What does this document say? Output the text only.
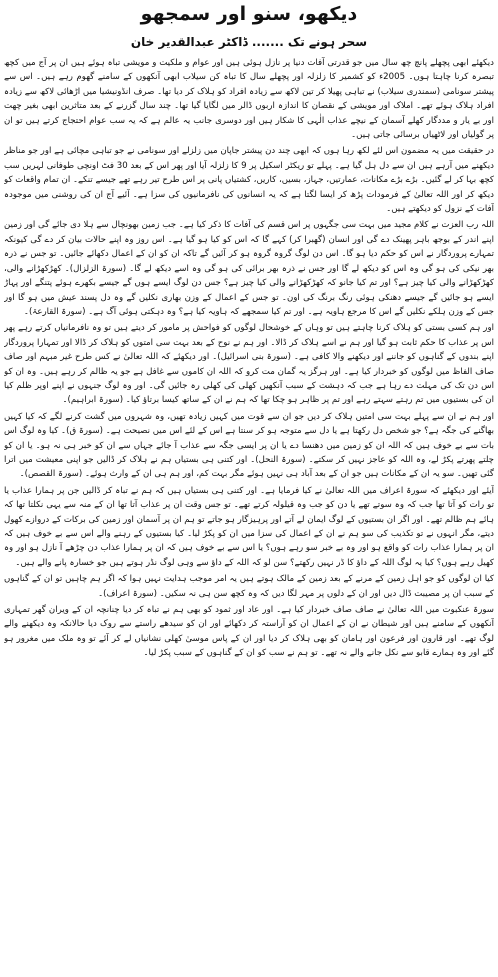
دیکھو، سنو اور سمجھو
سحر ہونے تک ....... ڈاکٹر عبدالقدیر خان

دیکھئے ابھی پچھلے پانچ چھ سال میں جو قدرتی آفات دنیا پر نازل ہوئی ہیں اور عوام و ملکیت و مویشی تباہ ہوئے ہیں ان پر آج میں کچھ تبصرہ کرنا چاہتا ہوں۔ 2005ء کو کشمیر کا زلزلہ اور پچھلے سال کا تباہ کن سیلاب ابھی آنکھوں کے سامنے گھوم رہے ہیں۔ اس سے پیشتر سونامی (سمندری سیلاب) نے تباہی پھیلا کر تین لاکھ سے زیادہ افراد کو ہلاک کر دیا تھا۔ صرف انڈونیشیا میں اڑھائی لاکھ سے زیادہ افراد ہلاک ہوئے تھے۔ املاک اور مویشی کے نقصان کا اندازہ اربوں ڈالر میں لگایا گیا تھا۔ چند سال گزرنے کے بعد متاثرین ابھی بغیر چھت اور بے یار و مددگار کھلے آسمان کے نیچے عذاب الٰہی کا شکار ہیں اور دوسری جانب یہ عالم ہے کہ یہ سب عوام احتجاج کرتے ہیں تو ان پر گولیاں اور لاٹھیاں برسائی جاتی ہیں۔

در حقیقت میں یہ مضمون اس لئے لکھ رہا ہوں کہ ابھی چند دن پیشتر جاپان میں زلزلے اور سونامی نے جو تباہی مچائی ہے اور جو مناظر دیکھنے میں آرہے ہیں ان سے دل ہل گیا ہے۔ پہلے تو ریکٹر اسکیل پر 9 کا زلزلہ آیا اور پھر اس کے بعد 30 فٹ اونچی طوفانی لہریں سب کچھ بہا کر لے گئیں۔ بڑے بڑے مکانات، عمارتیں، جہاز، بسیں، کاریں، کشتیاں پانی پر اس طرح تیر رہے تھے جیسے تنکے۔ ان تمام واقعات کو دیکھ کر اور اللہ تعالیٰ کے فرمودات پڑھ کر ایسا لگتا ہے کہ یہ انسانوں کی نافرمانیوں کی سزا ہے۔ آئیے آج ان کی روشنی میں موجودہ آفات کے نزول کو دیکھتے ہیں۔

اللہ رب العزت نے کلام مجید میں بہت سی جگہوں پر اس قسم کی آفات کا ذکر کیا ہے۔ جب زمین بھونچال سے ہلا دی جائے گی اور زمین اپنے اندر کے بوجھ باہر پھینک دے گی اور انسان (گھبرا کر) کہے گا کہ اس کو کیا ہو گیا ہے۔ اس روز وہ اپنے حالات بیان کر دے گی کیونکہ تمہارے پروردگار نے اس کو حکم دیا ہو گا۔ اس دن لوگ گروہ گروہ ہو کر آئیں گے تاکہ ان کو ان کے اعمال دکھائے جائیں۔ تو جس نے ذرہ بھر نیکی کی ہو گی وہ اس کو دیکھ لے گا اور جس نے ذرہ بھر برائی کی ہو گی وہ اسے دیکھ لے گا۔ (سورۃ الزلزال)۔ کھڑکھڑانے والی، کھڑکھڑانے والی کیا چیز ہے؟ اور تم کیا جانو کہ کھڑکھڑانے والی کیا چیز ہے؟ جس دن لوگ ایسے ہوں گے جیسے بکھرے ہوئے پتنگے اور پہاڑ ایسے ہو جائیں گے جیسے دھنکی ہوئی رنگ برنگ کی اون۔ تو جس کے اعمال کے وزن بھاری نکلیں گے وہ دل پسند عیش میں ہو گا اور جس کے وزن ہلکے نکلیں گے اس کا مرجع ہاویہ ہے۔ اور تم کیا سمجھے کہ ہاویہ کیا ہے؟ وہ دہکتی ہوئی آگ ہے۔ (سورۃ القارعۃ)۔

اور ہم کسی بستی کو ہلاک کرنا چاہتے ہیں تو وہاں کے خوشحال لوگوں کو فواحش پر مامور کر دیتے ہیں تو وہ نافرمانیاں کرتے رہے پھر اس پر عذاب کا حکم ثابت ہو گیا اور ہم نے اسے ہلاک کر ڈالا۔ اور ہم نے نوح کے بعد بہت سی امتوں کو ہلاک کر ڈالا اور تمہارا پروردگار اپنے بندوں کے گناہوں کو جاننے اور دیکھنے والا کافی ہے۔ (سورۃ بنی اسرائیل)۔ اور دیکھئے کہ اللہ تعالیٰ نے کس طرح غیر مبہم اور صاف صاف الفاظ میں لوگوں کو خبردار کیا ہے۔ اور ہرگز یہ گمان مت کرو کہ اللہ ان کاموں سے غافل ہے جو یہ ظالم کر رہے ہیں۔ وہ ان کو اس دن تک کی مہلت دے رہا ہے جب کہ دہشت کے سبب آنکھیں کھلی کی کھلی رہ جائیں گی۔ اور وہ لوگ جنہوں نے اپنے اوپر ظلم کیا ان کی بستیوں میں تم رہتے سہتے رہے اور تم پر ظاہر ہو چکا تھا کہ ہم نے ان کے ساتھ کیسا برتاؤ کیا۔ (سورۃ ابراہیم)۔

اور ہم نے ان سے پہلے بہت سی امتیں ہلاک کر دیں جو ان سے قوت میں کہیں زیادہ تھیں، وہ شہروں میں گشت کرنے لگے کہ کیا کہیں بھاگنے کی جگہ ہے؟ جو شخص دل رکھتا ہے یا دل سے متوجہ ہو کر سنتا ہے اس کے لئے اس میں نصیحت ہے۔ (سورۃ ق)۔ کیا وہ لوگ اس بات سے بے خوف ہیں کہ اللہ ان کو زمین میں دھنسا دے یا ان پر ایسی جگہ سے عذاب آ جائے جہاں سے ان کو خبر ہی نہ ہو۔ یا ان کو چلتے پھرتے پکڑ لے، وہ اللہ کو عاجز نہیں کر سکتے۔ (سورۃ النحل)۔ اور کتنی ہی بستیاں ہم نے ہلاک کر ڈالیں جو اپنی معیشت میں اترا گئی تھیں۔ سو یہ ان کے مکانات ہیں جو ان کے بعد آباد ہی نہیں ہوئے مگر بہت کم، اور ہم ہی ان کے وارث ہوئے۔ (سورۃ القصص)۔

آیئے اور دیکھئے کہ سورۃ اعراف میں اللہ تعالیٰ نے کیا فرمایا ہے۔ اور کتنی ہی بستیاں ہیں کہ ہم نے تباہ کر ڈالیں جن پر ہمارا عذاب یا تو رات کو آتا تھا جب کہ وہ سوتے تھے یا دن کو جب وہ قیلولہ کرتے تھے۔ تو جس وقت ان پر عذاب آتا تھا ان کے منہ سے یہی نکلتا تھا کہ ہائے ہم ظالم تھے۔ اور اگر ان بستیوں کے لوگ ایمان لے آتے اور پرہیزگار ہو جاتے تو ہم ان پر آسمان اور زمین کی برکات کے دروازے کھول دیتے، مگر انہوں نے تو تکذیب کی سو ہم نے ان کے اعمال کی سزا میں ان کو پکڑ لیا۔ کیا بستیوں کے رہنے والے اس سے بے خوف ہیں کہ ان پر ہمارا عذاب رات کو واقع ہو اور وہ بے خبر سو رہے ہوں؟ یا اس سے بے خوف ہیں کہ ان پر ہمارا عذاب دن چڑھے آ نازل ہو اور وہ کھیل رہے ہوں؟ کیا یہ لوگ اللہ کے داؤ کا ڈر نہیں رکھتے؟ سن لو کہ اللہ کے داؤ سے وہی لوگ نڈر ہوتے ہیں جو خسارہ پانے والے ہیں۔

کیا ان لوگوں کو جو اہل زمین کے مرنے کے بعد زمین کے مالک ہوتے ہیں یہ امر موجب ہدایت نہیں ہوا کہ اگر ہم چاہیں تو ان کے گناہوں کے سبب ان پر مصیبت ڈال دیں اور ان کے دلوں پر مہر لگا دیں کہ وہ کچھ سن ہی نہ سکیں۔ (سورۃ اعراف)۔

سورۃ عنکبوت میں اللہ تعالیٰ نے صاف صاف خبردار کیا ہے۔ اور عاد اور ثمود کو بھی ہم نے تباہ کر دیا چنانچہ ان کے ویران گھر تمہاری آنکھوں کے سامنے ہیں اور شیطان نے ان کے اعمال ان کو آراستہ کر دکھائے اور ان کو سیدھے راستے سے روک دیا حالانکہ وہ دیکھنے والے لوگ تھے۔ اور قارون اور فرعون اور ہامان کو بھی ہلاک کر دیا اور ان کے پاس موسیٰ کھلی نشانیاں لے کر آئے تو وہ ملک میں مغرور ہو گئے اور وہ ہمارے قابو سے نکل جانے والے نہ تھے۔ تو ہم نے سب کو ان کے گناہوں کے سبب پکڑ لیا۔
